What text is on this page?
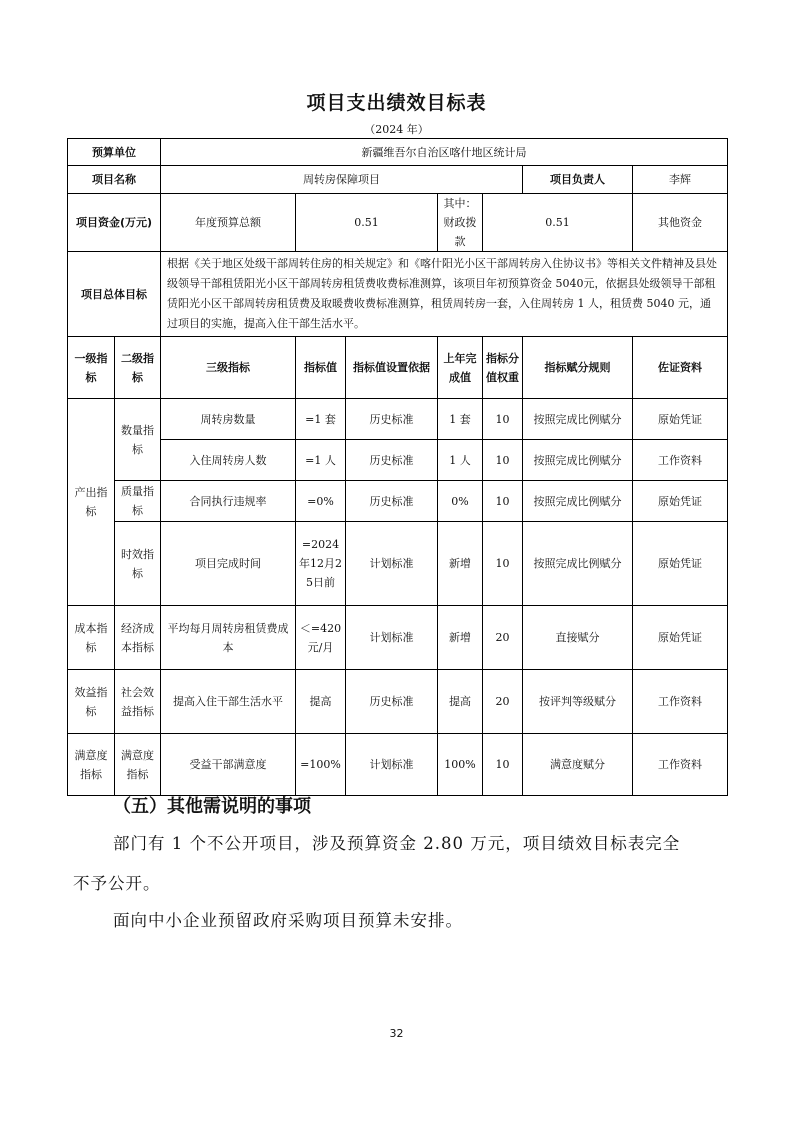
项目支出绩效目标表
（2024 年）
预算单位		新疆维吾尔自治区喀什地区统计局							
项目名称		周转房保障项目					项目负责人	李辉	
项目资金(万元)		年度预算总额	0.51		其中：财政拨款	0.51		其他资金	
项目总体目标		根据《关于地区处级干部周转住房的相关规定》和《喀什阳光小区干部周转房入住协议书》等相关文件精神及县处级领导干部租赁阳光小区干部周转房租赁费收费标准测算，该项目年初预算资金 5040元，依据县处级领导干部租赁阳光小区干部周转房租赁费及取暖费收费标准测算，租赁周转房一套，入住周转房 1 人，租赁费 5040 元，通过项目的实施，提高入住干部生活水平。							
一级指标	二级指标	三级指标	指标值	指标值设置依据	上年完成值	指标分值权重	指标赋分规则	佐证资料	
产出指标	数量指标	周转房数量	=1 套	历史标准	1 套	10	按照完成比例赋分	原始凭证	
		入住周转房人数	=1 人	历史标准	1 人	10	按照完成比例赋分	工作资料	
	质量指标	合同执行违规率	=0%	历史标准	0%	10	按照完成比例赋分	原始凭证	
	时效指标	项目完成时间	=2024年12月25日前	计划标准	新增	10	按照完成比例赋分	原始凭证	
成本指标	经济成本指标	平均每月周转房租赁费成本	＜=420元/月	计划标准	新增	20	直接赋分	原始凭证	
效益指标	社会效益指标	提高入住干部生活水平	提高	历史标准	提高	20	按评判等级赋分	工作资料	
满意度指标	满意度指标	受益干部满意度	=100%	计划标准	100%	10	满意度赋分	工作资料	
（五）其他需说明的事项
部门有 1 个不公开项目，涉及预算资金 2.80 万元，项目绩效目标表完全
不予公开。
面向中小企业预留政府采购项目预算未安排。
32
